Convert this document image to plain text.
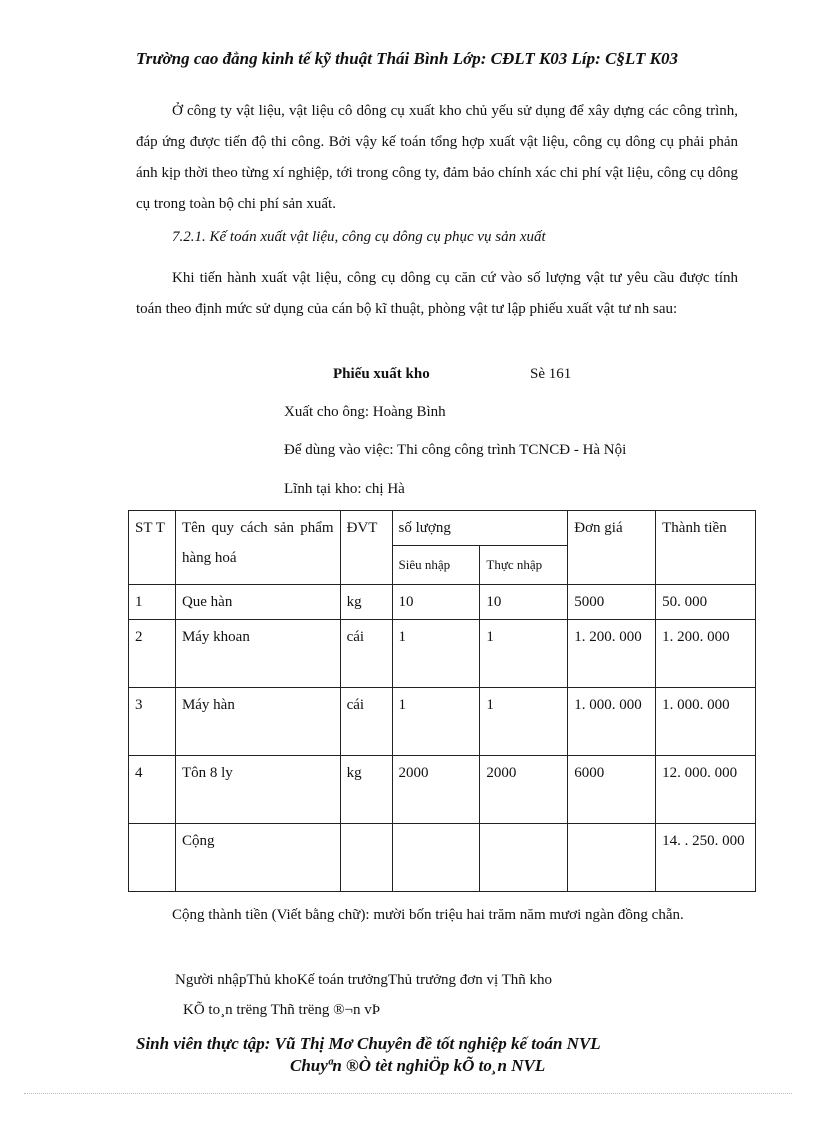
Trường cao đẳng kinh tế kỹ thuật Thái Bình Lớp: CĐLT K03 Líp: C§LT K03
Ở công ty vật liệu, vật liệu cô dông cụ xuất kho chủ yếu sử dụng để xây dựng các công trình, đáp ứng được tiến độ thi công. Bởi vậy kế toán tổng hợp xuất vật liệu, công cụ dông cụ phải phản ánh kịp thời theo từng xí nghiệp, tới trong công ty, đảm bảo chính xác chi phí vật liệu, công cụ dông cụ trong toàn bộ chi phí sản xuất.
7.2.1. Kế toán xuất vật liệu, công cụ dông cụ phục vụ sản xuất
Khi tiến hành xuất vật liệu, công cụ dông cụ căn cứ vào số lượng vật tư yêu cầu được tính toán theo định mức sử dụng của cán bộ kĩ thuật, phòng vật tư lập phiếu xuất vật tư nh sau:
Phiếu xuất kho	Sè 161
Xuất cho ông: Hoàng Bình
Để dùng vào việc: Thi công công trình TCNCĐ - Hà Nội
Lĩnh tại kho: chị Hà
ST T	Tên quy cách sản phẩm hàng hoá	ĐVT	số lượng		Đơn giá	Thành tiền
			Siêu nhập	Thực nhập		
1	Que hàn	kg	10	10	5000	50. 000
2	Máy khoan	cái	1	1	1. 200. 000	1. 200. 000
3	Máy hàn	cái	1	1	1. 000. 000	1. 000. 000
4	Tôn 8 ly	kg	2000	2000	6000	12. 000. 000
	Cộng					14. . 250. 000
Cộng thành tiền (Viết bằng chữ): mười bốn triệu hai trăm năm mươi ngàn đồng chẵn.
Người nhậpThủ khoKế toán trưởngThủ trưởng đơn vị Thñ kho
KÕ to¸n trëng Thñ trëng ®¬n vÞ
Sinh viên thực tập: Vũ Thị Mơ Chuyên đề tốt nghiệp kế toán NVL
Chuyªn ®Ò tèt nghiÖp kÕ to¸n NVL
